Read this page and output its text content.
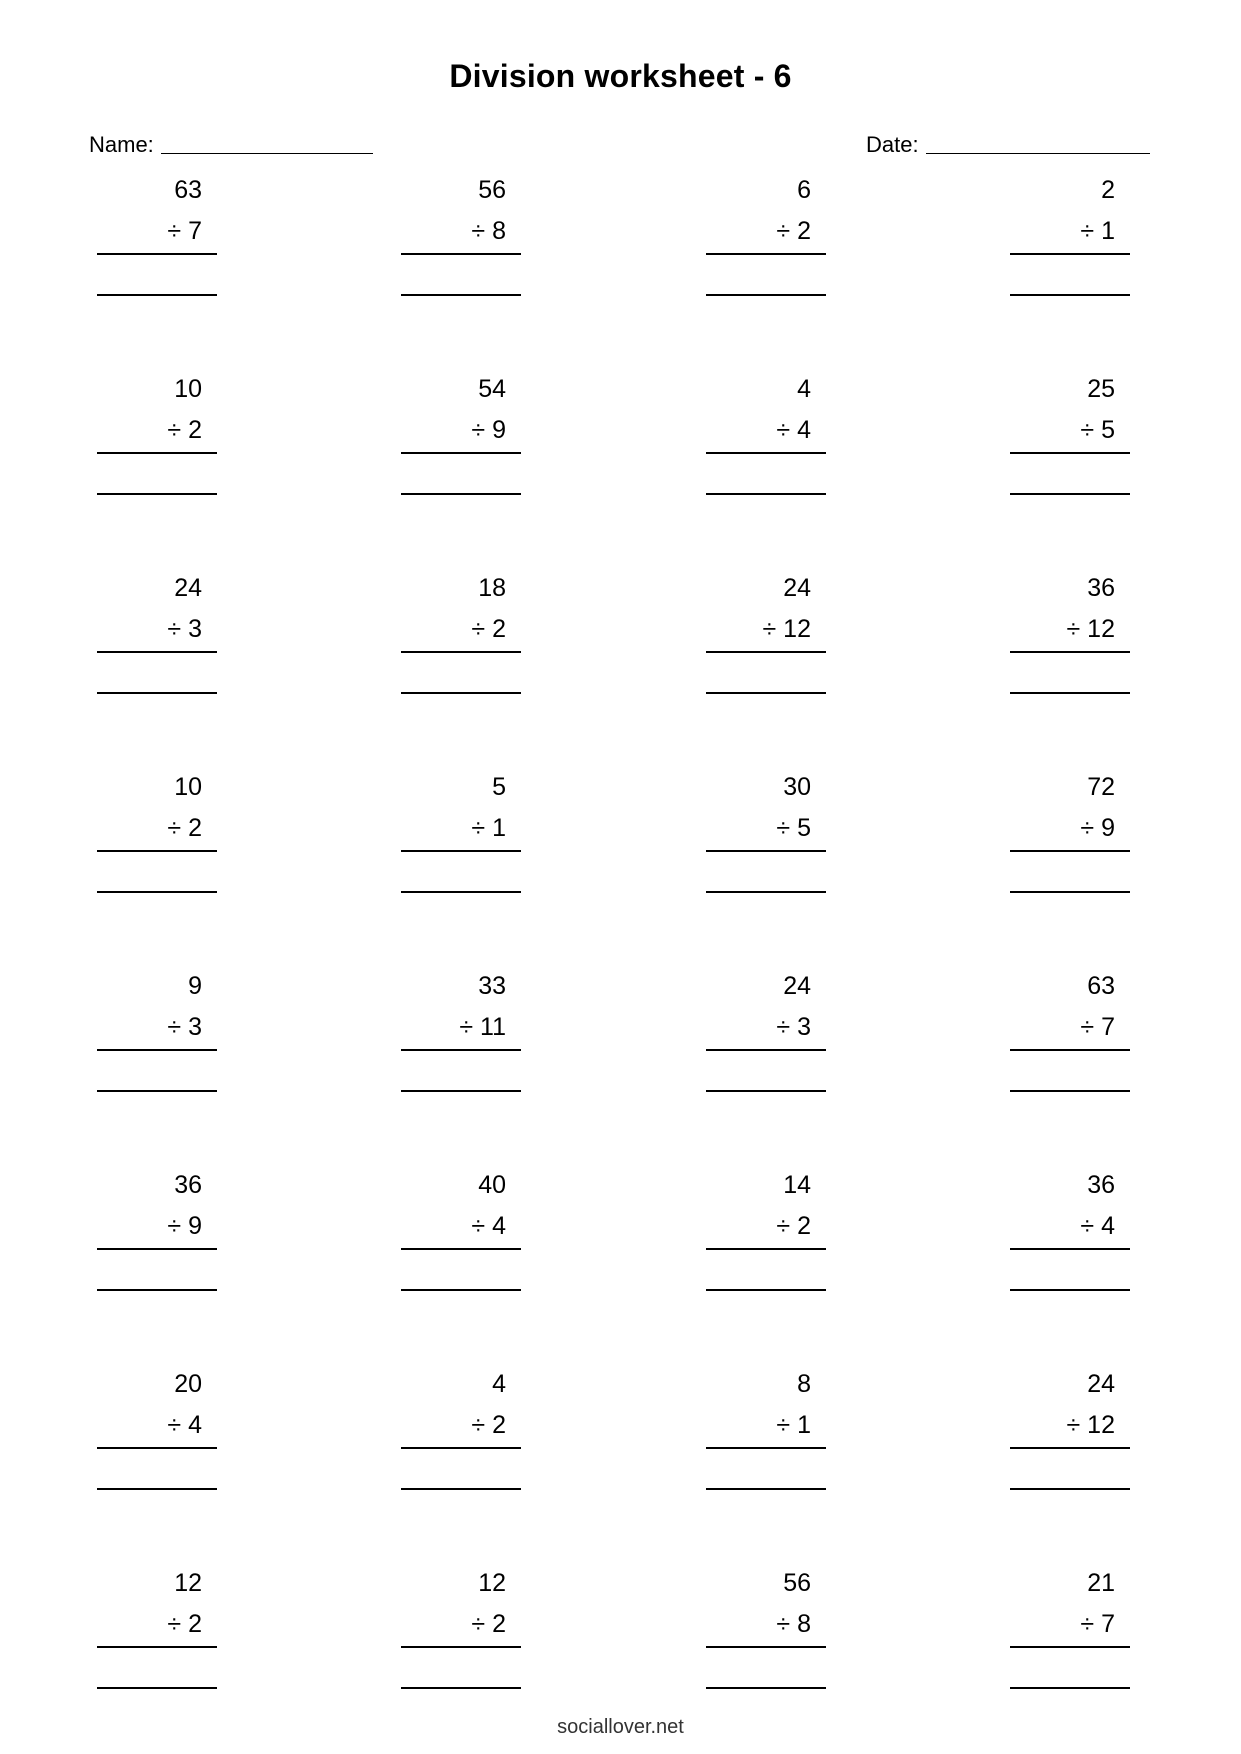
Division worksheet - 6
Name:	Date:
63
÷ 7
56
÷ 8
6
÷ 2
2
÷ 1
10
÷ 2
54
÷ 9
4
÷ 4
25
÷ 5
24
÷ 3
18
÷ 2
24
÷ 12
36
÷ 12
10
÷ 2
5
÷ 1
30
÷ 5
72
÷ 9
9
÷ 3
33
÷ 11
24
÷ 3
63
÷ 7
36
÷ 9
40
÷ 4
14
÷ 2
36
÷ 4
20
÷ 4
4
÷ 2
8
÷ 1
24
÷ 12
12
÷ 2
12
÷ 2
56
÷ 8
21
÷ 7
sociallover.net
